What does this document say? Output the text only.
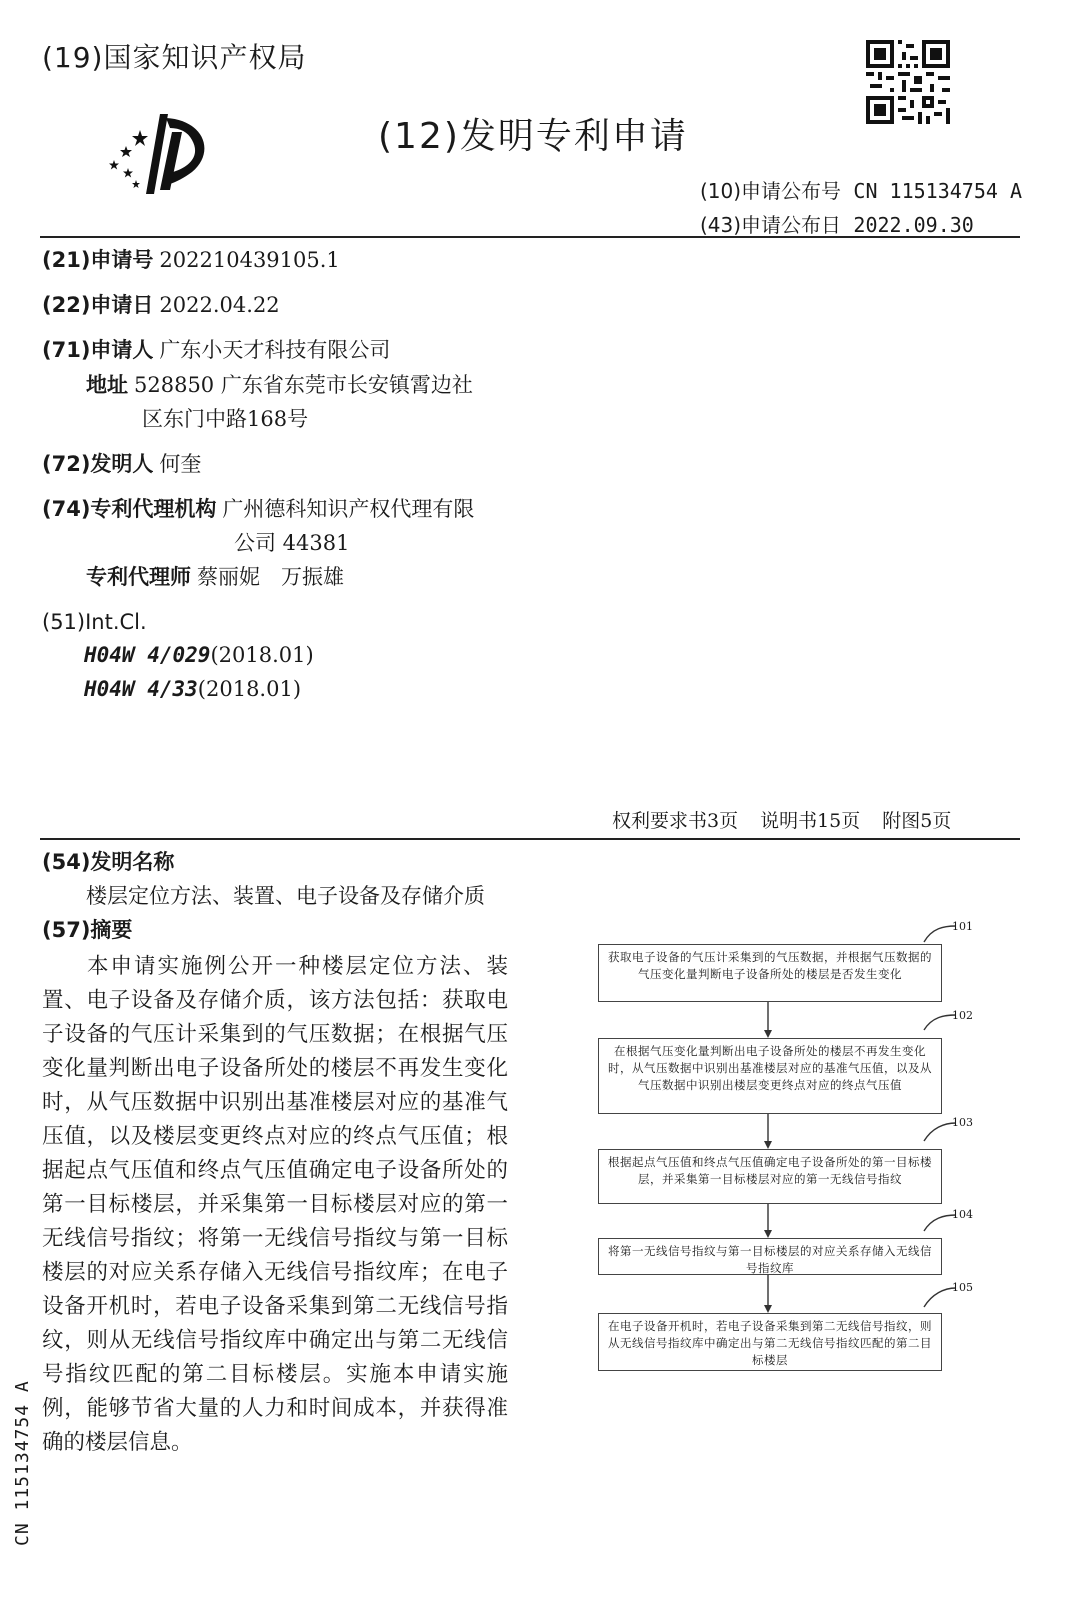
(19)国家知识产权局
(12)发明专利申请
(10)申请公布号 CN 115134754 A
(43)申请公布日 2022.09.30
(21)申请号 202210439105.1
(22)申请日 2022.04.22
(71)申请人 广东小天才科技有限公司
地址 528850 广东省东莞市长安镇霄边社
区东门中路168号
(72)发明人 何奎
(74)专利代理机构 广州德科知识产权代理有限
公司 44381
专利代理师 蔡丽妮　万振雄
(51)Int.Cl.
H04W 4/029(2018.01)
H04W 4/33(2018.01)
权利要求书3页 说明书15页 附图5页
(54)发明名称
楼层定位方法、装置、电子设备及存储介质
(57)摘要
本申请实施例公开一种楼层定位方法、装置、电子设备及存储介质，该方法包括：获取电子设备的气压计采集到的气压数据；在根据气压变化量判断出电子设备所处的楼层不再发生变化时，从气压数据中识别出基准楼层对应的基准气压值，以及楼层变更终点对应的终点气压值；根据起点气压值和终点气压值确定电子设备所处的第一目标楼层，并采集第一目标楼层对应的第一无线信号指纹；将第一无线信号指纹与第一目标楼层的对应关系存储入无线信号指纹库；在电子设备开机时，若电子设备采集到第二无线信号指纹，则从无线信号指纹库中确定出与第二无线信号指纹匹配的第二目标楼层。实施本申请实施例，能够节省大量的人力和时间成本，并获得准确的楼层信息。
CN 115134754 A
101
获取电子设备的气压计采集到的气压数据，并根据气压数据的气压变化量判断电子设备所处的楼层是否发生变化
102
在根据气压变化量判断出电子设备所处的楼层不再发生变化时，从气压数据中识别出基准楼层对应的基准气压值，以及从气压数据中识别出楼层变更终点对应的终点气压值
103
根据起点气压值和终点气压值确定电子设备所处的第一目标楼层，并采集第一目标楼层对应的第一无线信号指纹
104
将第一无线信号指纹与第一目标楼层的对应关系存储入无线信号指纹库
105
在电子设备开机时，若电子设备采集到第二无线信号指纹，则从无线信号指纹库中确定出与第二无线信号指纹匹配的第二目标楼层
